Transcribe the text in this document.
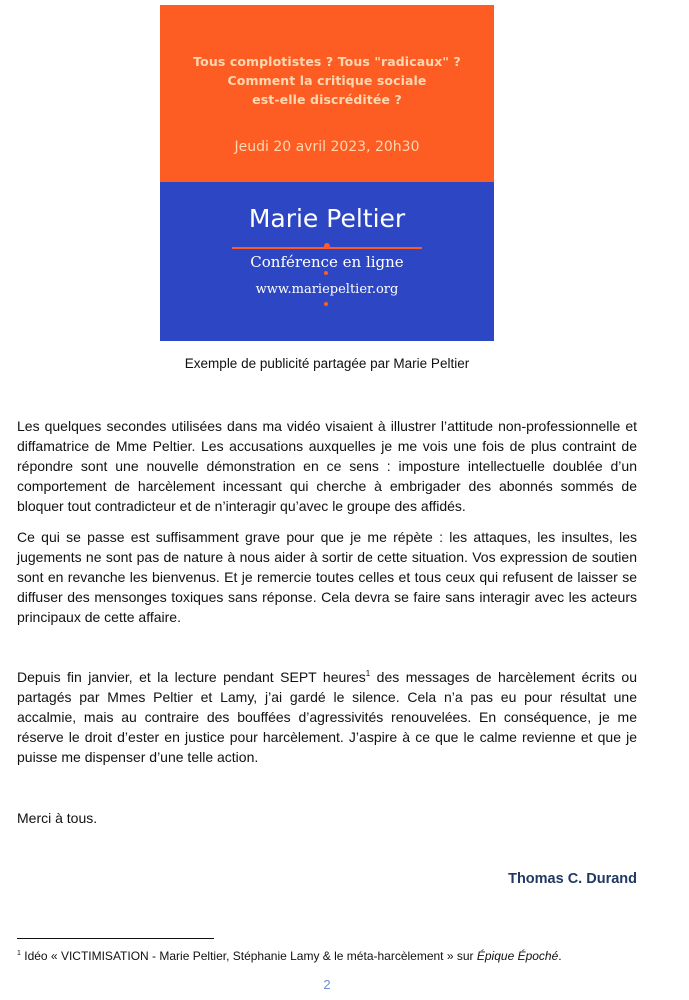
Tous complotistes ? Tous "radicaux" ?
Comment la critique sociale
est-elle discréditée ?
Jeudi 20 avril 2023, 20h30
Marie Peltier
Conférence en ligne
www.mariepeltier.org
Exemple de publicité partagée par Marie Peltier

Les quelques secondes utilisées dans ma vidéo visaient à illustrer l’attitude non-professionnelle et diffamatrice de Mme Peltier. Les accusations auxquelles je me vois une fois de plus contraint de répondre sont une nouvelle démonstration en ce sens : imposture intellectuelle doublée d’un comportement de harcèlement incessant qui cherche à embrigader des abonnés sommés de bloquer tout contradicteur et de n’interagir qu’avec le groupe des affidés.

Ce qui se passe est suffisamment grave pour que je me répète : les attaques, les insultes, les jugements ne sont pas de nature à nous aider à sortir de cette situation. Vos expression de soutien sont en revanche les bienvenus. Et je remercie toutes celles et tous ceux qui refusent de laisser se diffuser des mensonges toxiques sans réponse. Cela devra se faire sans interagir avec les acteurs principaux de cette affaire.

Depuis fin janvier, et la lecture pendant SEPT heures$^1$ des messages de harcèlement écrits ou partagés par Mmes Peltier et Lamy, j’ai gardé le silence. Cela n’a pas eu pour résultat une accalmie, mais au contraire des bouffées d’agressivités renouvelées. En conséquence, je me réserve le droit d’ester en justice pour harcèlement. J’aspire à ce que le calme revienne et que je puisse me dispenser d’une telle action.

Merci à tous.

Thomas C. Durand
$^1$ Idéo « VICTIMISATION - Marie Peltier, Stéphanie Lamy & le méta-harcèlement » sur Épique Époché.
2
